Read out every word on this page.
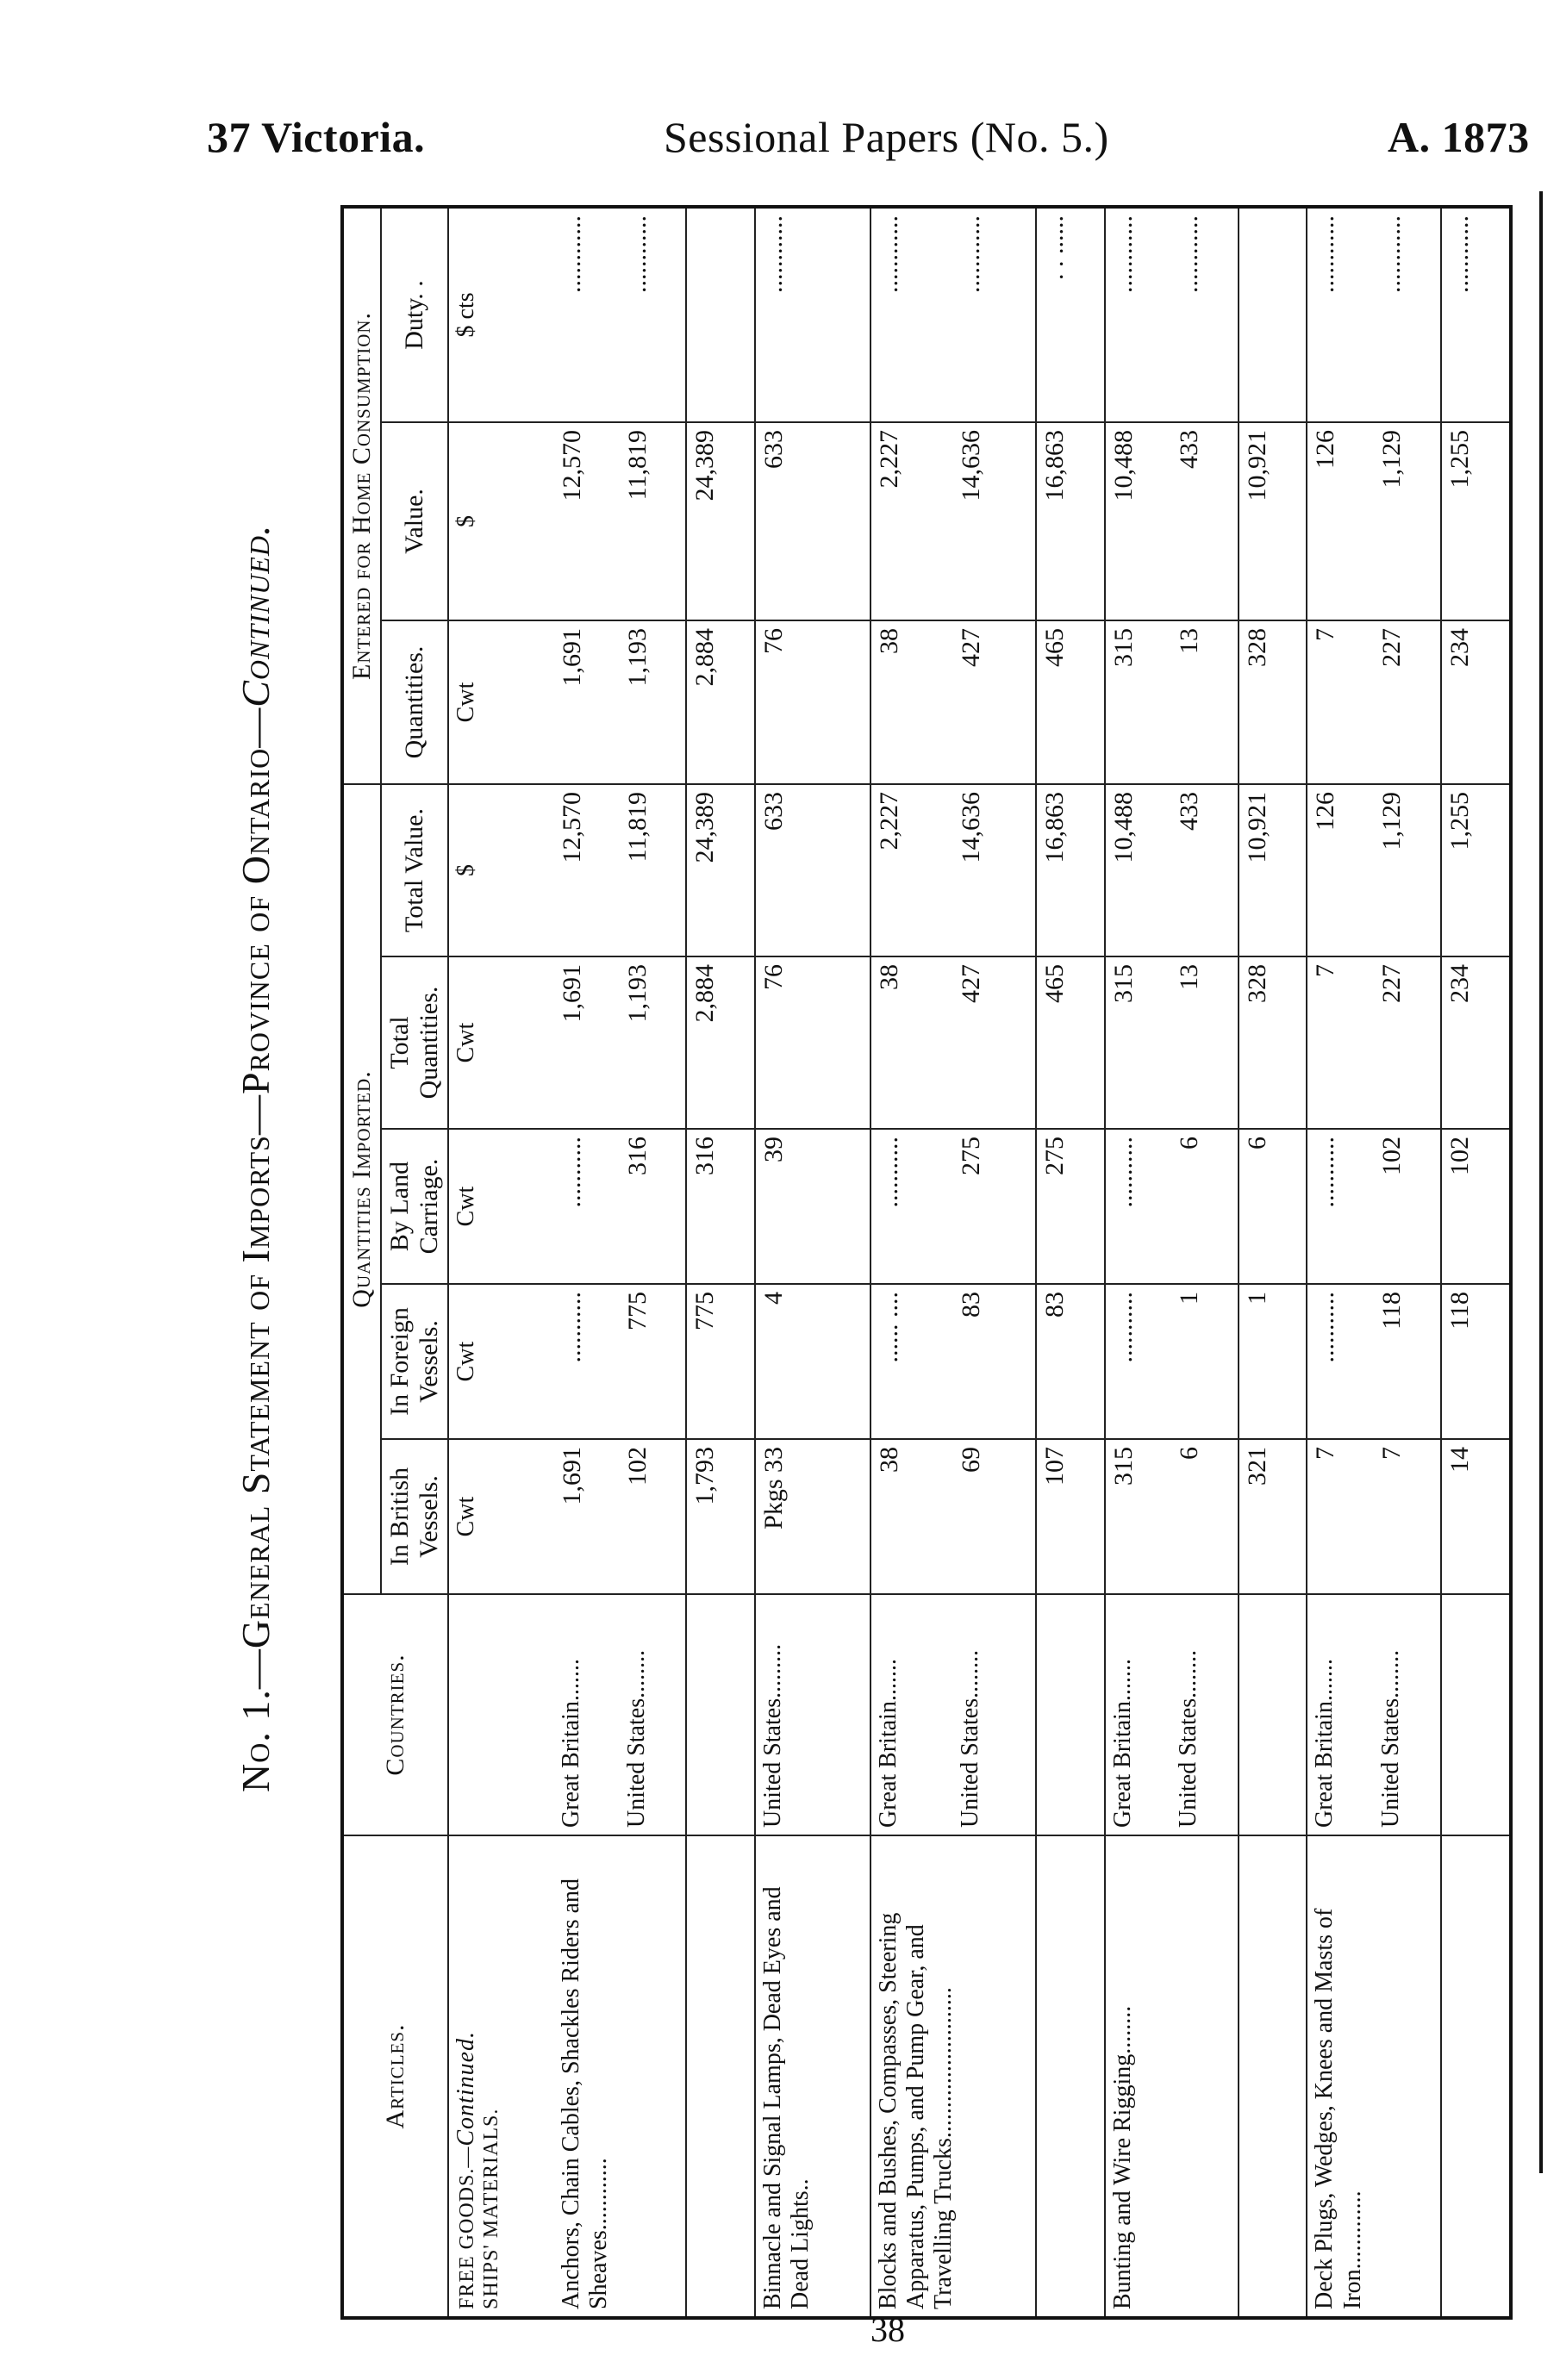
37 Victoria.	Sessional Papers (No. 5.)	A. 1873
No. 1.—General Statement of Imports—Province of Ontario—Continued.
Articles.	Countries.	Quantities Imported.					Entered for Home Consumption.		
		In British Vessels.	In Foreign Vessels.	By Land Carriage.	Total Quantities.	Total Value.	Quantities.	Value.	Duty. .
FREE GOODS.—Continued.
SHIPS' MATERIALS.		Cwt	Cwt	Cwt	Cwt	$	Cwt	$	$ cts
Anchors, Chain Cables, Shackles Riders and Sheaves............	Great Britain.......	1,691	...........	...........	1,691	12,570	1,691	12,570	............
	United States........	102	775	316	1,193	11,819	1,193	11,819	............
		1,793	775	316	2,884	24,389	2,884	24,389	
Binnacle and Signal Lamps, Dead Eyes and Dead Lights..	United States.........	Pkgs 33	4	39	76	633	76	633	............
Blocks and Bushes, Compasses, Steering Apparatus, Pumps, and Pump Gear, and Travelling Trucks.........................	Great Britain.......	38	...... ....	...........	38	2,227	38	2,227	............
	United States........	69	83	275	427	14,636	427	14,636	............
		107	83	275	465	16,863	465	16,863	. . ......
Bunting and Wire Rigging........	Great Britain.......	315	...........	...........	315	10,488	315	10,488	............
	United States........	6	1	6	13	433	13	433	............
		321	1	6	328	10,921	328	10,921	
Deck Plugs, Wedges, Knees and Masts of Iron.............	Great Britain.......	7	...........	...........	7	126	7	126	............
	United States........	7	118	102	227	1,129	227	1,129	............
		14	118	102	234	1,255	234	1,255	............
38
